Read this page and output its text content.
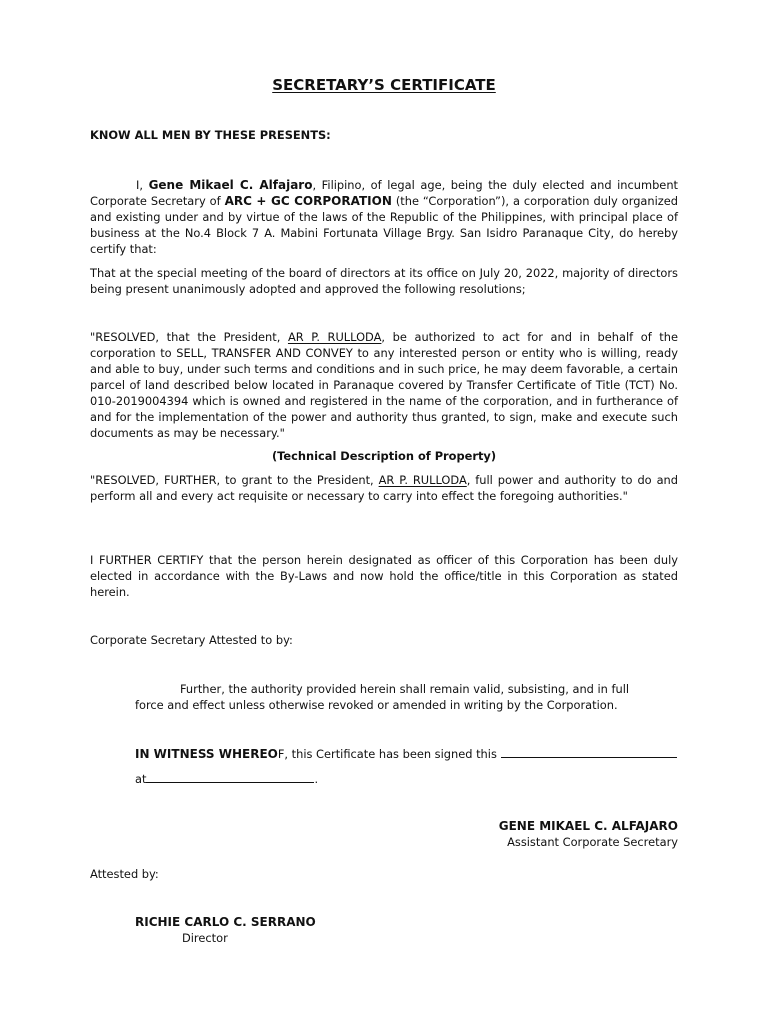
SECRETARY’S CERTIFICATE

KNOW ALL MEN BY THESE PRESENTS:

I, Gene Mikael C. Alfajaro, Filipino, of legal age, being the duly elected and incumbent Corporate Secretary of ARC + GC CORPORATION (the “Corporation”), a corporation duly organized and existing under and by virtue of the laws of the Republic of the Philippines, with principal place of business at the No.4 Block 7 A. Mabini Fortunata Village Brgy. San Isidro Paranaque City, do hereby certify that:

That at the special meeting of the board of directors at its office on July 20, 2022, majority of directors being present unanimously adopted and approved the following resolutions;

"RESOLVED, that the President, AR P. RULLODA, be authorized to act for and in behalf of the corporation to SELL, TRANSFER AND CONVEY to any interested person or entity who is willing, ready and able to buy, under such terms and conditions and in such price, he may deem favorable, a certain parcel of land described below located in Paranaque covered by Transfer Certificate of Title (TCT) No. 010-2019004394 which is owned and registered in the name of the corporation, and in furtherance of and for the implementation of the power and authority thus granted, to sign, make and execute such documents as may be necessary."

(Technical Description of Property)

"RESOLVED, FURTHER, to grant to the President, AR P. RULLODA, full power and authority to do and perform all and every act requisite or necessary to carry into effect the foregoing authorities."

I FURTHER CERTIFY that the person herein designated as officer of this Corporation has been duly elected in accordance with the By-Laws and now hold the office/title in this Corporation as stated herein.

Corporate Secretary Attested to by:

Further, the authority provided herein shall remain valid, subsisting, and in full

force and effect unless otherwise revoked or amended in writing by the Corporation.

IN WITNESS WHEREOF, this Certificate has been signed this

at	.

GENE MIKAEL C. ALFAJARO

Assistant Corporate Secretary

Attested by:

RICHIE CARLO C. SERRANO

Director
